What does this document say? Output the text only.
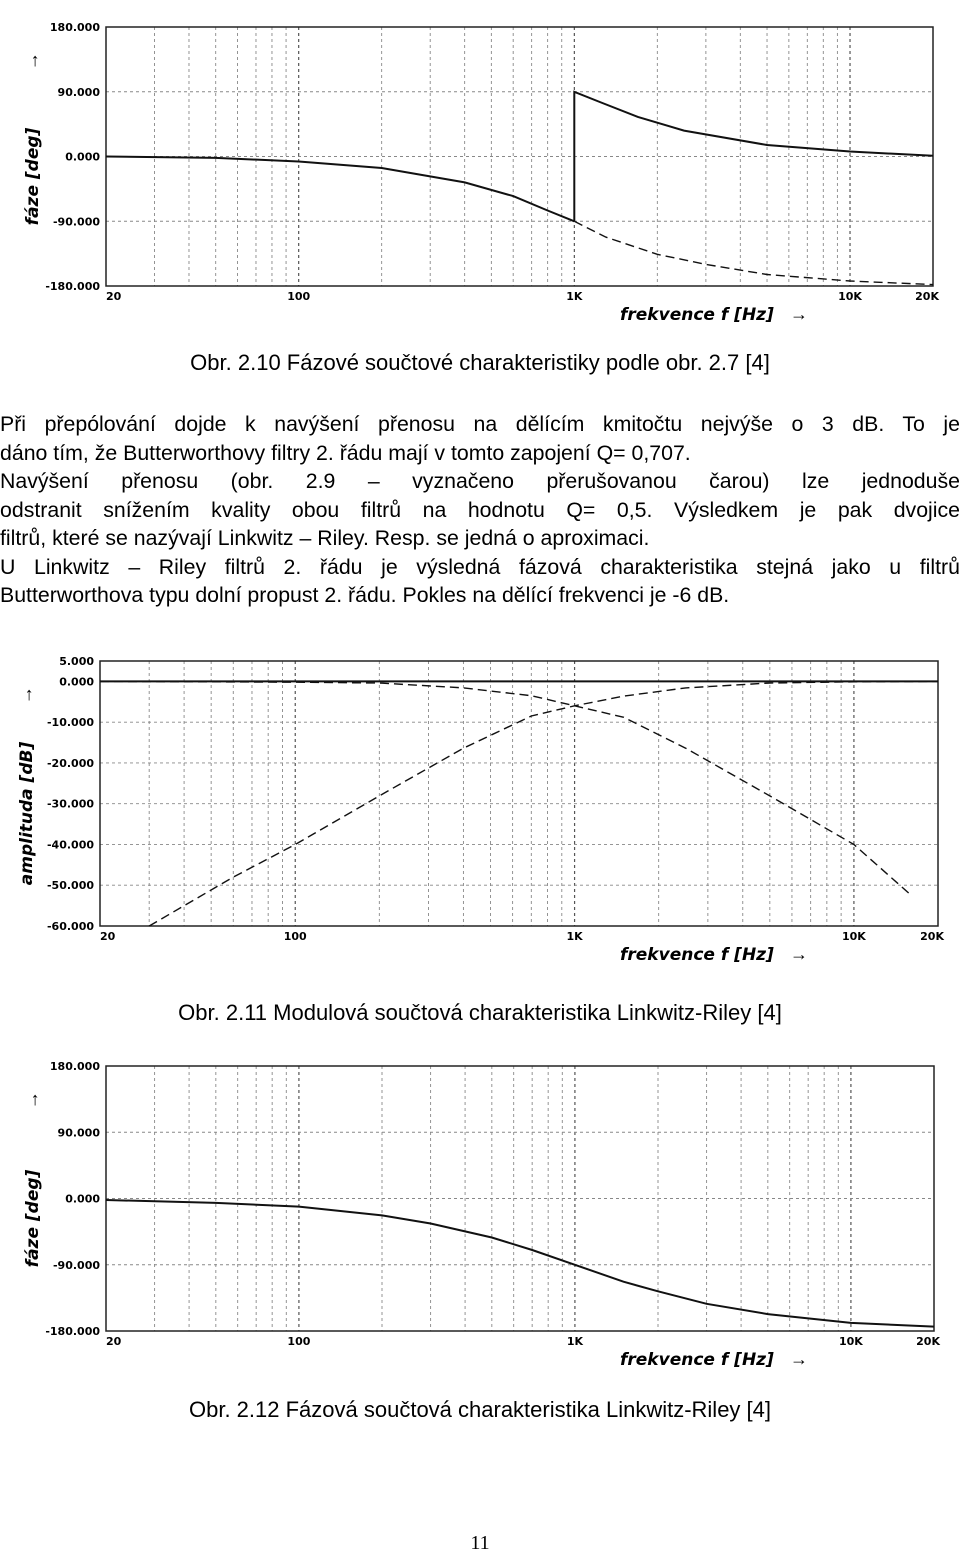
180.000
90.000
0.000
-90.000
-180.000
20	100	1K	10K	20K
fáze [deg]
→
frekvence f [Hz] →
Obr. 2.10 Fázové součtové charakteristiky podle obr. 2.7 [4]
Při přepólování dojde k navýšení přenosu na dělícím kmitočtu nejvýše o 3 dB. To je
dáno tím, že Butterworthovy filtry 2. řádu mají v tomto zapojení Q= 0,707.
Navýšení přenosu (obr. 2.9 – vyznačeno přerušovanou čarou) lze jednoduše
odstranit snížením kvality obou filtrů na hodnotu Q= 0,5. Výsledkem je pak dvojice
filtrů, které se nazývají Linkwitz – Riley. Resp. se jedná o aproximaci.
U Linkwitz – Riley filtrů 2. řádu je výsledná fázová charakteristika stejná jako u filtrů
Butterworthova typu dolní propust 2. řádu. Pokles na dělící frekvenci je -6 dB.
5.000
0.000
-10.000
-20.000
-30.000
-40.000
-50.000
-60.000
20	100	1K	10K	20K
amplituda [dB]
→
frekvence f [Hz] →
Obr. 2.11 Modulová součtová charakteristika Linkwitz-Riley [4]
180.000
90.000
0.000
-90.000
-180.000
20	100	1K	10K	20K
fáze [deg]
→
frekvence f [Hz] →
Obr. 2.12 Fázová součtová charakteristika Linkwitz-Riley [4]
11
